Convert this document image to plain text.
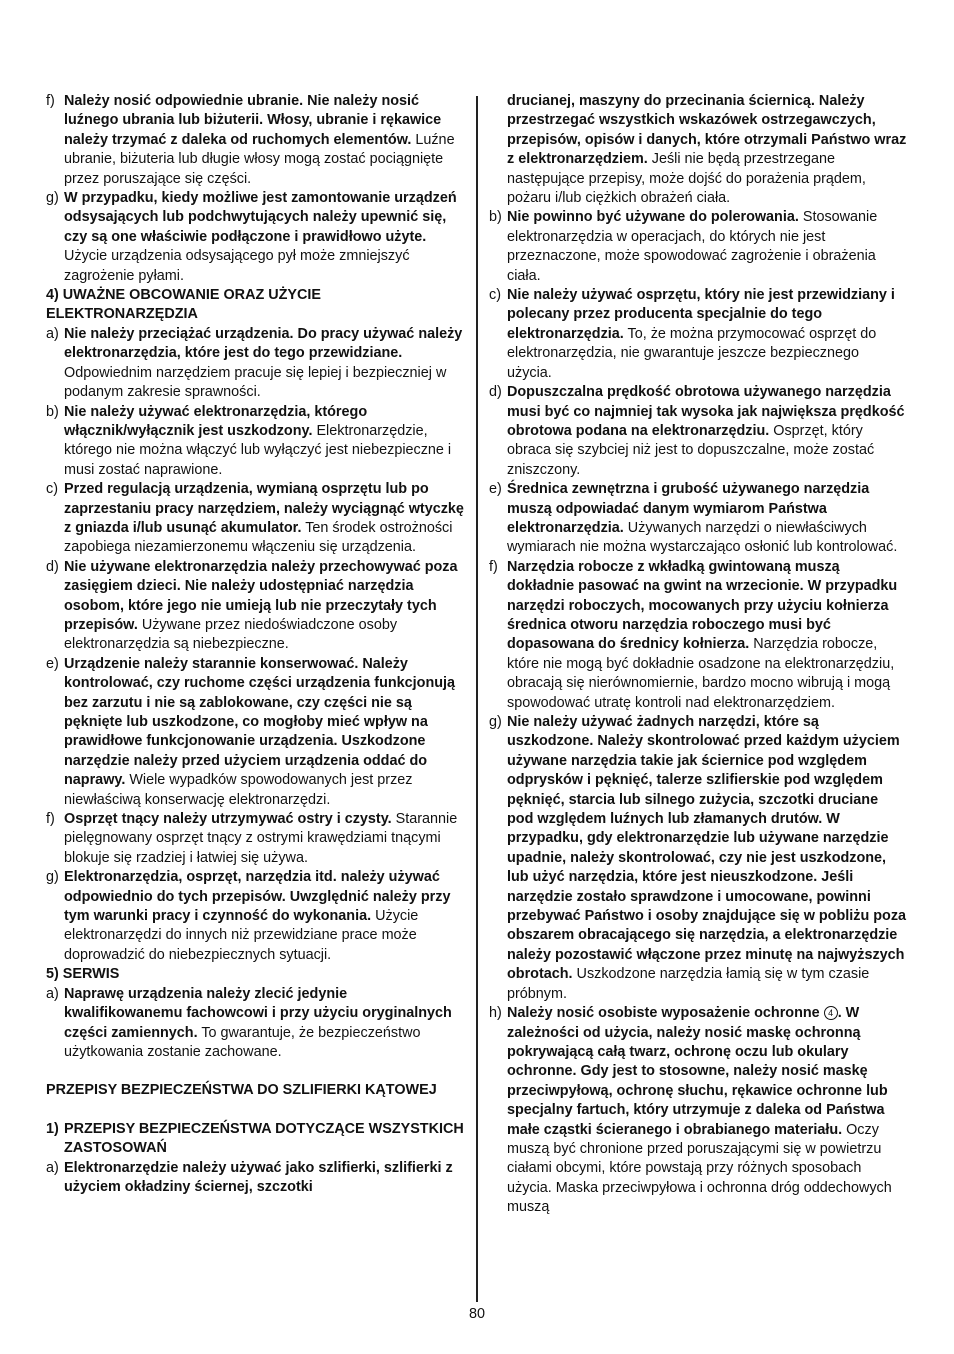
f) Należy nosić odpowiednie ubranie. Nie należy nosić luźnego ubrania lub biżuterii. Włosy, ubranie i rękawice należy trzymać z daleka od ruchomych elementów. Luźne ubranie, biżuteria lub długie włosy mogą zostać pociągnięte przez poruszające się części.
g) W przypadku, kiedy możliwe jest zamontowanie urządzeń odsysających lub podchwytujących należy upewnić się, czy są one właściwie podłączone i prawidłowo użyte. Użycie urządzenia odsysającego pył może zmniejszyć zagrożenie pyłami.
4) UWAŻNE OBCOWANIE ORAZ UŻYCIE ELEKTRONARZĘDZIA
a) Nie należy przeciążać urządzenia. Do pracy używać należy elektronarzędzia, które jest do tego przewidziane. Odpowiednim narzędziem pracuje się lepiej i bezpieczniej w podanym zakresie sprawności.
b) Nie należy używać elektronarzędzia, którego włącznik/wyłącznik jest uszkodzony. Elektronarzędzie, którego nie można włączyć lub wyłączyć jest niebezpieczne i musi zostać naprawione.
c) Przed regulacją urządzenia, wymianą osprzętu lub po zaprzestaniu pracy narzędziem, należy wyciągnąć wtyczkę z gniazda i/lub usunąć akumulator. Ten środek ostrożności zapobiega niezamierzonemu włączeniu się urządzenia.
d) Nie używane elektronarzędzia należy przechowywać poza zasięgiem dzieci. Nie należy udostępniać narzędzia osobom, które jego nie umieją lub nie przeczytały tych przepisów. Używane przez niedoświadczone osoby elektronarzędzia są niebezpieczne.
e) Urządzenie należy starannie konserwować. Należy kontrolować, czy ruchome części urządzenia funkcjonują bez zarzutu i nie są zablokowane, czy części nie są pęknięte lub uszkodzone, co mogłoby mieć wpływ na prawidłowe funkcjonowanie urządzenia. Uszkodzone narzędzie należy przed użyciem urządzenia oddać do naprawy. Wiele wypadków spowodowanych jest przez niewłaściwą konserwację elektronarzędzi.
f) Osprzęt tnący należy utrzymywać ostry i czysty. Starannie pielęgnowany osprzęt tnący z ostrymi krawędziami tnącymi blokuje się rzadziej i łatwiej się używa.
g) Elektronarzędzia, osprzęt, narzędzia itd. należy używać odpowiednio do tych przepisów. Uwzględnić należy przy tym warunki pracy i czynność do wykonania. Użycie elektronarzędzi do innych niż przewidziane prace może doprowadzić do niebezpiecznych sytuacji.
5) SERWIS
a) Naprawę urządzenia należy zlecić jedynie kwalifikowanemu fachowcowi i przy użyciu oryginalnych części zamiennych. To gwarantuje, że bezpieczeństwo użytkowania zostanie zachowane.
PRZEPISY BEZPIECZEŃSTWA DO SZLIFIERKI KĄTOWEJ
1) PRZEPISY BEZPIECZEŃSTWA DOTYCZĄCE WSZYSTKICH ZASTOSOWAŃ
a) Elektronarzędzie należy używać jako szlifierki, szlifierki z użyciem okładziny ściernej, szczotki
drucianej, maszyny do przecinania ściernicą. Należy przestrzegać wszystkich wskazówek ostrzegawczych, przepisów, opisów i danych, które otrzymali Państwo wraz z elektronarzędziem. Jeśli nie będą przestrzegane następujące przepisy, może dojść do porażenia prądem, pożaru i/lub ciężkich obrażeń ciała.
b) Nie powinno być używane do polerowania. Stosowanie elektronarzędzia w operacjach, do których nie jest przeznaczone, może spowodować zagrożenie i obrażenia ciała.
c) Nie należy używać osprzętu, który nie jest przewidziany i polecany przez producenta specjalnie do tego elektronarzędzia. To, że można przymocować osprzęt do elektronarzędzia, nie gwarantuje jeszcze bezpiecznego użycia.
d) Dopuszczalna prędkość obrotowa używanego narzędzia musi być co najmniej tak wysoka jak największa prędkość obrotowa podana na elektronarzędziu. Osprzęt, który obraca się szybciej niż jest to dopuszczalne, może zostać zniszczony.
e) Średnica zewnętrzna i grubość używanego narzędzia muszą odpowiadać danym wymiarom Państwa elektronarzędzia. Używanych narzędzi o niewłaściwych wymiarach nie można wystarczająco osłonić lub kontrolować.
f) Narzędzia robocze z wkładką gwintowaną muszą dokładnie pasować na gwint na wrzecionie. W przypadku narzędzi roboczych, mocowanych przy użyciu kołnierza średnica otworu narzędzia roboczego musi być dopasowana do średnicy kołnierza. Narzędzia robocze, które nie mogą być dokładnie osadzone na elektronarzędziu, obracają się nierównomiernie, bardzo mocno wibrują i mogą spowodować utratę kontroli nad elektronarzędziem.
g) Nie należy używać żadnych narzędzi, które są uszkodzone. Należy skontrolować przed każdym użyciem używane narzędzia takie jak ściernice pod względem odprysków i pęknięć, talerze szlifierskie pod względem pęknięć, starcia lub silnego zużycia, szczotki druciane pod względem luźnych lub złamanych drutów. W przypadku, gdy elektronarzędzie lub używane narzędzie upadnie, należy skontrolować, czy nie jest uszkodzone, lub użyć narzędzia, które jest nieuszkodzone. Jeśli narzędzie zostało sprawdzone i umocowane, powinni przebywać Państwo i osoby znajdujące się w pobliżu poza obszarem obracającego się narzędzia, a elektronarzędzie należy pozostawić włączone przez minutę na najwyższych obrotach. Uszkodzone narzędzia łamią się w tym czasie próbnym.
h) Należy nosić osobiste wyposażenie ochronne 4 . W zależności od użycia, należy nosić maskę ochronną pokrywającą całą twarz, ochronę oczu lub okulary ochronne. Gdy jest to stosowne, należy nosić maskę przeciwpyłową, ochronę słuchu, rękawice ochronne lub specjalny fartuch, który utrzymuje z daleka od Państwa małe cząstki ścieranego i obrabianego materiału. Oczy muszą być chronione przed poruszającymi się w powietrzu ciałami obcymi, które powstają przy różnych sposobach użycia. Maska przeciwpyłowa i ochronna dróg oddechowych muszą
80
